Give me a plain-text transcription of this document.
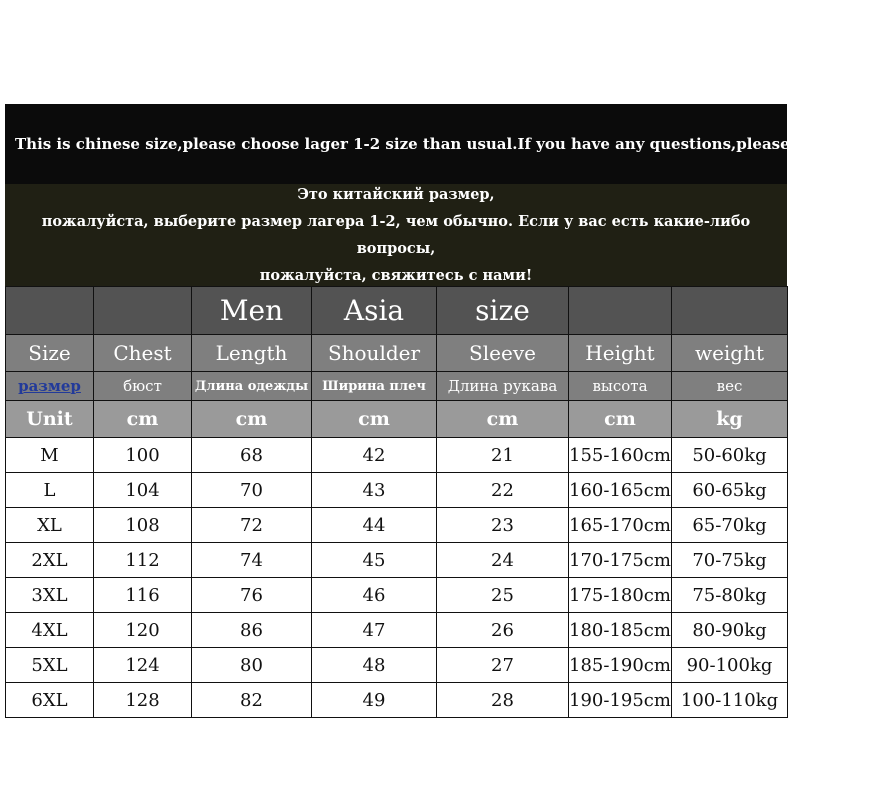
This is chinese size,please choose lager 1-2 size than usual.If you have any questions,please contact us!
Это китайский размер,
пожалуйста, выберите размер лагера 1-2, чем обычно. Если у вас есть какие-либо вопросы,
пожалуйста, свяжитесь с нами!
		Men	Asia	size		
Size	Chest	Length	Shoulder	Sleeve	Height	weight
размер	бюст	Длина одежды	Ширина плеч	Длина рукава	высота	вес
Unit	cm	cm	cm	cm	cm	kg
M	100	68	42	21	155-160cm	50-60kg
L	104	70	43	22	160-165cm	60-65kg
XL	108	72	44	23	165-170cm	65-70kg
2XL	112	74	45	24	170-175cm	70-75kg
3XL	116	76	46	25	175-180cm	75-80kg
4XL	120	86	47	26	180-185cm	80-90kg
5XL	124	80	48	27	185-190cm	90-100kg
6XL	128	82	49	28	190-195cm	100-110kg
